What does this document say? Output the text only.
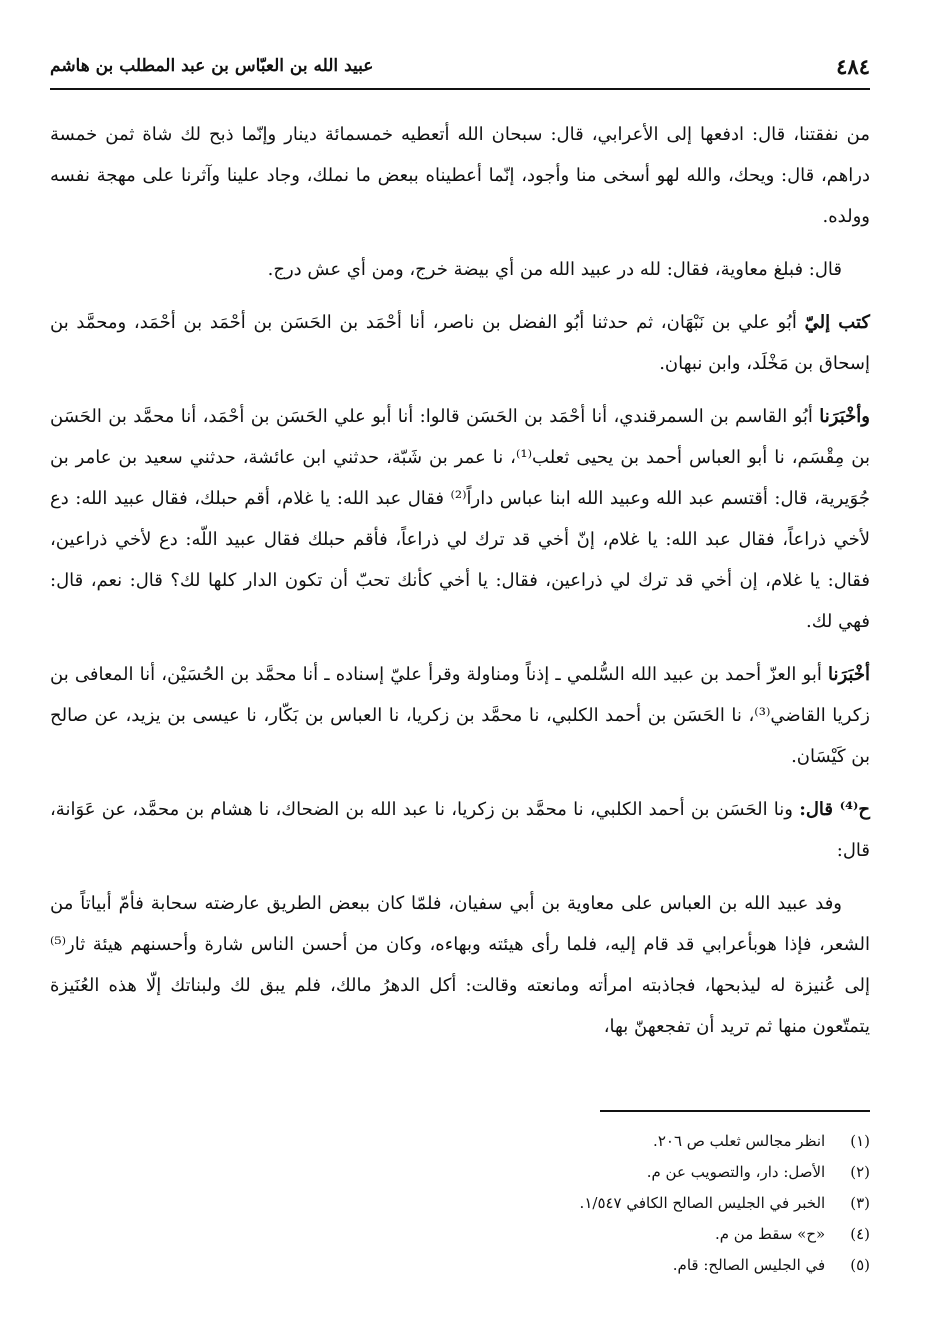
٤٨٤
عبيد الله بن العبّاس بن عبد المطلب بن هاشم

من نفقتنا، قال: ادفعها إلى الأعرابي، قال: سبحان الله أتعطيه خمسمائة دينار وإنّما ذبح لك شاة ثمن خمسة دراهم، قال: ويحك، والله لهو أسخى منا وأجود، إنّما أعطيناه ببعض ما نملك، وجاد علينا وآثرنا على مهجة نفسه وولده.

قال: فبلغ معاوية، فقال: لله در عبيد الله من أي بيضة خرج، ومن أي عش درج.

كتب إليّ أبُو علي بن نَبْهَان، ثم حدثنا أبُو الفضل بن ناصر، أنا أحْمَد بن الحَسَن بن أحْمَد بن أحْمَد، ومحمَّد بن إسحاق بن مَخْلَد، وابن نبهان.

وأخْبَرَنا أبُو القاسم بن السمرقندي، أنا أحْمَد بن الحَسَن قالوا: أنا أبو علي الحَسَن بن أحْمَد، أنا محمَّد بن الحَسَن بن مِقْسَم، نا أبو العباس أحمد بن يحيى ثعلب⁽¹⁾، نا عمر بن شَبّة، حدثني ابن عائشة، حدثني سعيد بن عامر بن جُوَيرية، قال: أقتسم عبد الله وعبيد الله ابنا عباس داراً⁽²⁾ فقال عبد الله: يا غلام، أقم حبلك، فقال عبيد الله: دع لأخي ذراعاً، فقال عبد الله: يا غلام، إنّ أخي قد ترك لي ذراعاً، فأقم حبلك فقال عبيد اللّه: دع لأخي ذراعين، فقال: يا غلام، إن أخي قد ترك لي ذراعين، فقال: يا أخي كأنك تحبّ أن تكون الدار كلها لك؟ قال: نعم، قال: فهي لك.

أخْبَرَنا أبو العزّ أحمد بن عبيد الله السُّلمي ـ إذناً ومناولة وقرأ عليّ إسناده ـ أنا محمَّد بن الحُسَيْن، أنا المعافى بن زكريا القاضي⁽³⁾، نا الحَسَن بن أحمد الكلبي، نا محمَّد بن زكريا، نا العباس بن بَكّار، نا عيسى بن يزيد، عن صالح بن كَيْسَان.

ح⁽⁴⁾ قال: ونا الحَسَن بن أحمد الكلبي، نا محمَّد بن زكريا، نا عبد الله بن الضحاك، نا هشام بن محمَّد، عن عَوَانة، قال:

وفد عبيد الله بن العباس على معاوية بن أبي سفيان، فلمّا كان ببعض الطريق عارضته سحابة فأمّ أبياتاً من الشعر، فإذا هوبأعرابي قد قام إليه، فلما رأى هيئته وبهاءه، وكان من أحسن الناس شارة وأحسنهم هيئة ثار⁽⁵⁾ إلى عُنيزة له ليذبحها، فجاذبته امرأته ومانعته وقالت: أكل الدهرُ مالك، فلم يبق لك ولبناتك إلّا هذه العُنَيزة يتمتّعون منها ثم تريد أن تفجعهنّ بها،

(١) انظر مجالس ثعلب ص ٢٠٦.
(٢) الأصل: دار، والتصويب عن م.
(٣) الخبر في الجليس الصالح الكافي ١/٥٤٧.
(٤) «ح» سقط من م.
(٥) في الجليس الصالح: قام.
